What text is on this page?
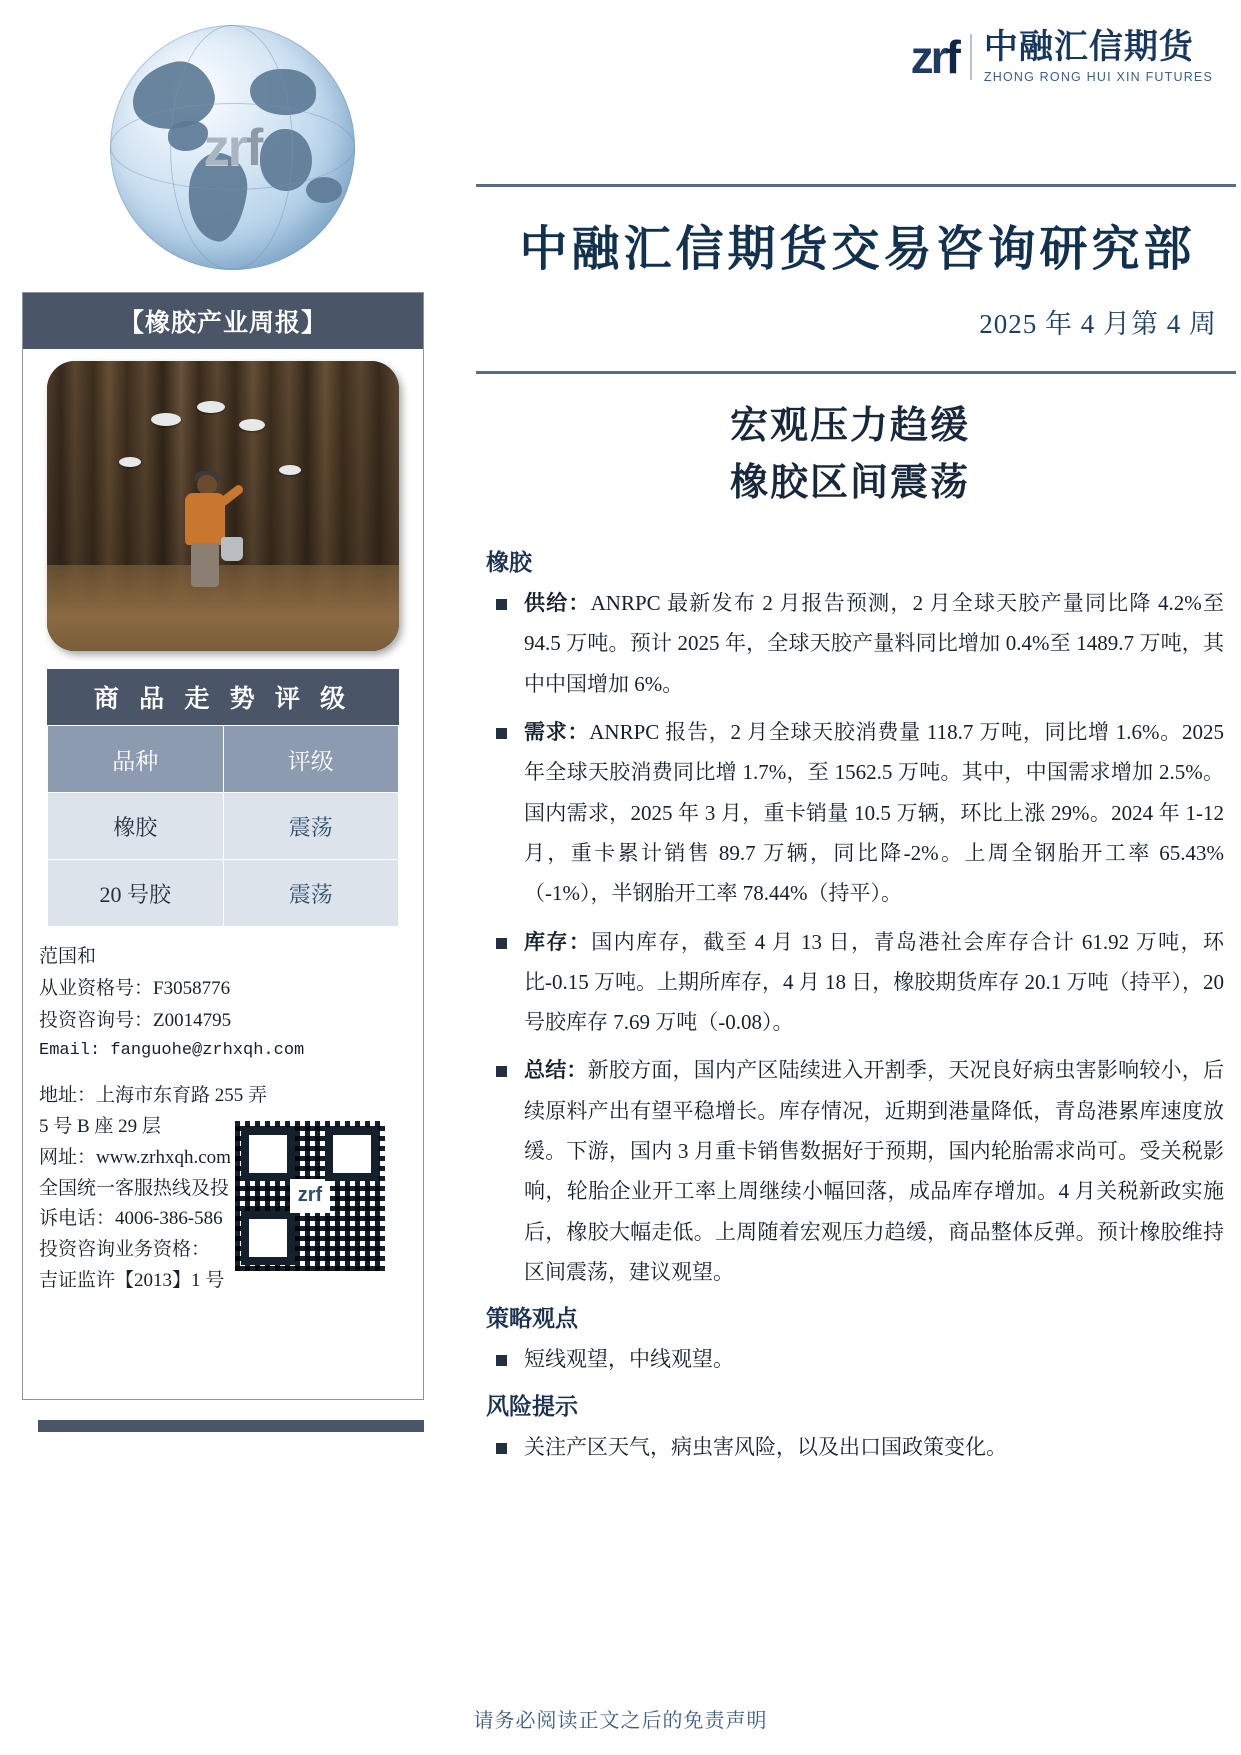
zrf
【橡胶产业周报】
商 品 走 势 评 级
品种	评级
橡胶	震荡
20 号胶	震荡
范国和
从业资格号：F3058776
投资咨询号：Z0014795
Email: fanguohe@zrhxqh.com
地址：上海市东育路 255 弄 5 号 B 座 29 层
网址：www.zrhxqh.com
全国统一客服热线及投
诉电话：4006-386-586
投资咨询业务资格：
吉证监许【2013】1 号
zrf
zrf 中融汇信期货
ZHONG RONG HUI XIN FUTURES
中融汇信期货交易咨询研究部
2025 年 4 月第 4 周
宏观压力趋缓
橡胶区间震荡
橡胶
供给：ANRPC 最新发布 2 月报告预测，2 月全球天胶产量同比降 4.2%至 94.5 万吨。预计 2025 年，全球天胶产量料同比增加 0.4%至 1489.7 万吨，其中中国增加 6%。
需求：ANRPC 报告，2 月全球天胶消费量 118.7 万吨，同比增 1.6%。2025 年全球天胶消费同比增 1.7%，至 1562.5 万吨。其中，中国需求增加 2.5%。国内需求，2025 年 3 月，重卡销量 10.5 万辆，环比上涨 29%。2024 年 1-12 月，重卡累计销售 89.7 万辆，同比降-2%。上周全钢胎开工率 65.43%（-1%），半钢胎开工率 78.44%（持平）。
库存：国内库存，截至 4 月 13 日，青岛港社会库存合计 61.92 万吨，环比-0.15 万吨。上期所库存，4 月 18 日，橡胶期货库存 20.1 万吨（持平），20 号胶库存 7.69 万吨（-0.08）。
总结：新胶方面，国内产区陆续进入开割季，天况良好病虫害影响较小，后续原料产出有望平稳增长。库存情况，近期到港量降低，青岛港累库速度放缓。下游，国内 3 月重卡销售数据好于预期，国内轮胎需求尚可。受关税影响，轮胎企业开工率上周继续小幅回落，成品库存增加。4 月关税新政实施后，橡胶大幅走低。上周随着宏观压力趋缓，商品整体反弹。预计橡胶维持区间震荡，建议观望。
策略观点
短线观望，中线观望。
风险提示
关注产区天气，病虫害风险，以及出口国政策变化。
请务必阅读正文之后的免责声明
